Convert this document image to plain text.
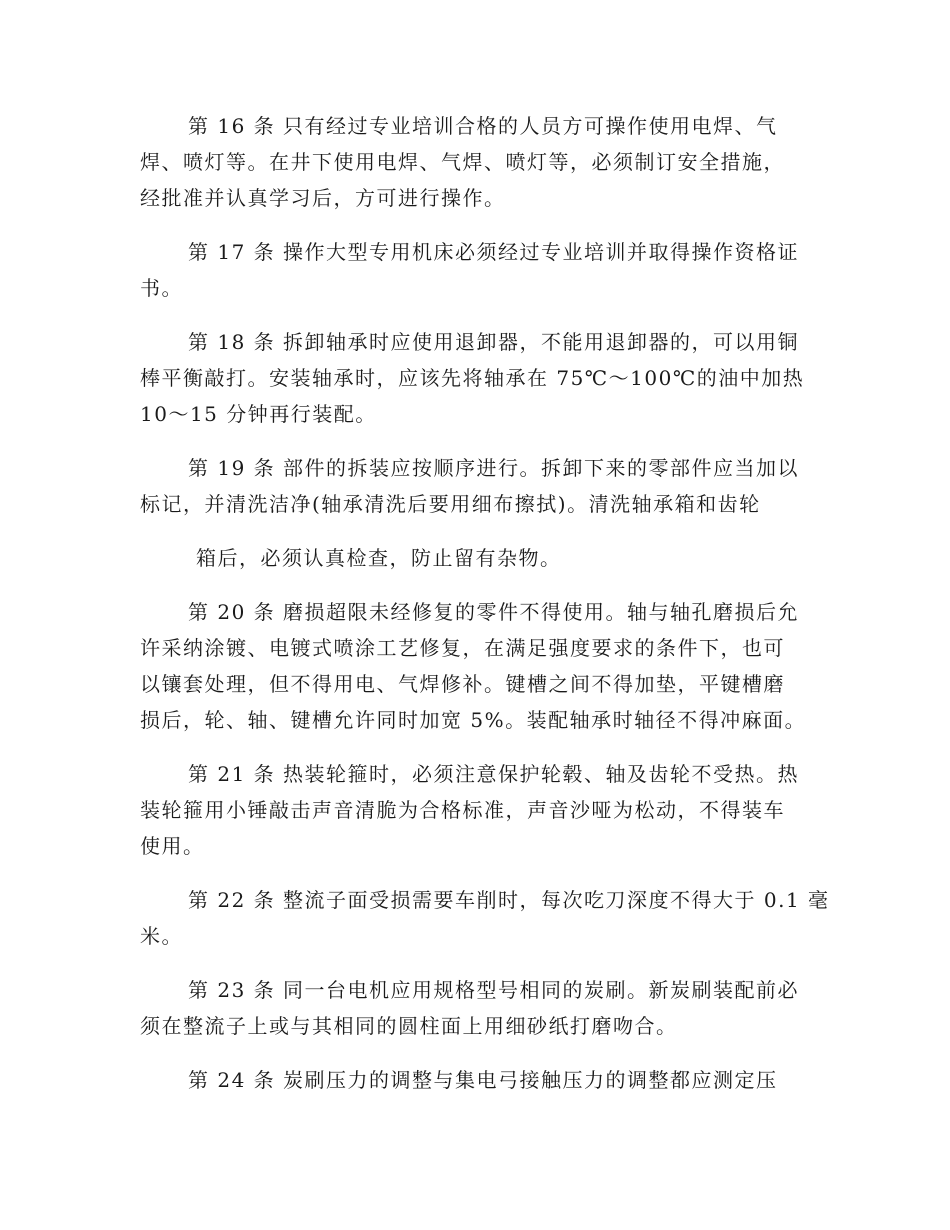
第 16 条 只有经过专业培训合格的人员方可操作使用电焊、气
焊、喷灯等。在井下使用电焊、气焊、喷灯等，必须制订安全措施，
经批准并认真学习后，方可进行操作。

第 17 条 操作大型专用机床必须经过专业培训并取得操作资格证
书。

第 18 条 拆卸轴承时应使用退卸器，不能用退卸器的，可以用铜
棒平衡敲打。安装轴承时，应该先将轴承在 75℃～100℃的油中加热
10～15 分钟再行装配。

第 19 条 部件的拆装应按顺序进行。拆卸下来的零部件应当加以
标记，并清洗洁净(轴承清洗后要用细布擦拭)。清洗轴承箱和齿轮

箱后，必须认真检查，防止留有杂物。

第 20 条 磨损超限未经修复的零件不得使用。轴与轴孔磨损后允
许采纳涂镀、电镀式喷涂工艺修复，在满足强度要求的条件下，也可
以镶套处理，但不得用电、气焊修补。键槽之间不得加垫，平键槽磨
损后，轮、轴、键槽允许同时加宽 5%。装配轴承时轴径不得冲麻面。

第 21 条 热装轮箍时，必须注意保护轮毂、轴及齿轮不受热。热
装轮箍用小锤敲击声音清脆为合格标准，声音沙哑为松动，不得装车
使用。

第 22 条 整流子面受损需要车削时，每次吃刀深度不得大于 0.1 毫
米。

第 23 条 同一台电机应用规格型号相同的炭刷。新炭刷装配前必
须在整流子上或与其相同的圆柱面上用细砂纸打磨吻合。

第 24 条 炭刷压力的调整与集电弓接触压力的调整都应测定压
